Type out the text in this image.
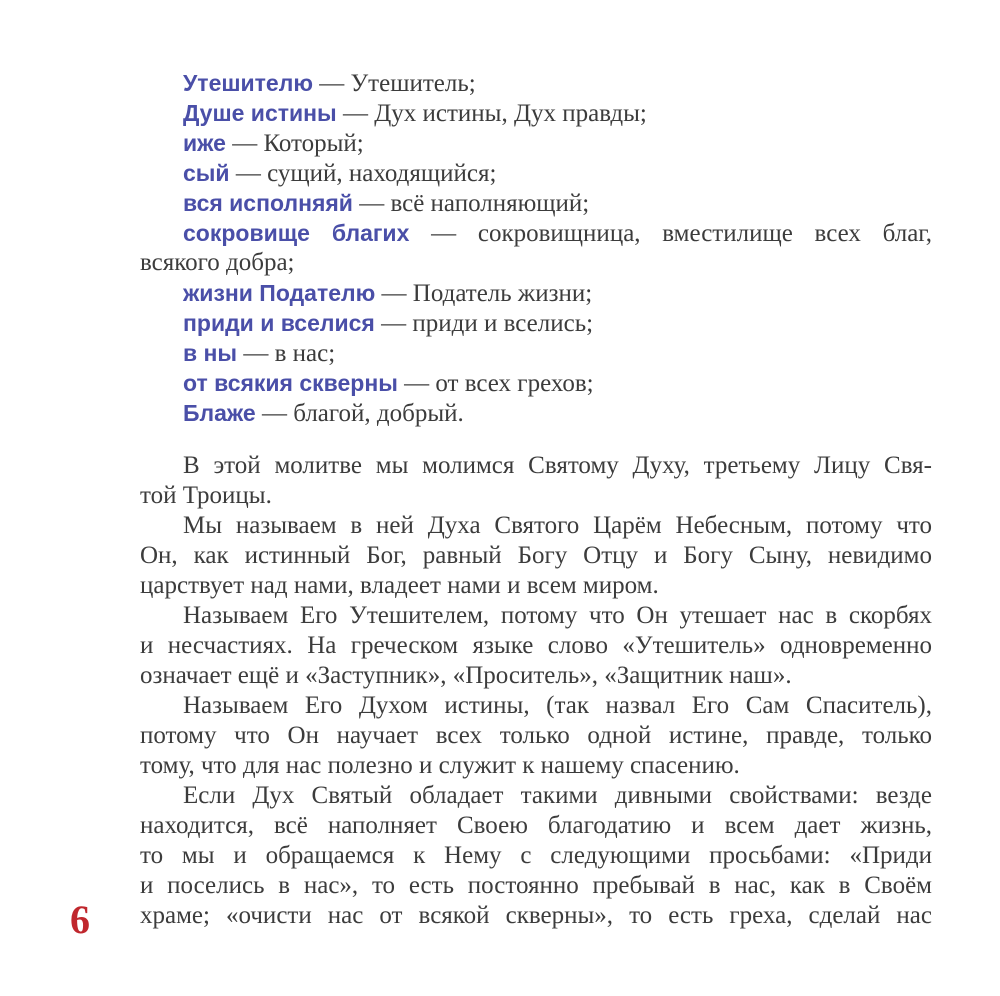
Утешителю — Утешитель;
Душе истины — Дух истины, Дух правды;
иже — Который;
сый — сущий, находящийся;
вся исполняяй — всё наполняющий;
сокровище благих — сокровищница, вместилище всех благ,
всякого добра;
жизни Подателю — Податель жизни;
приди и вселися — приди и вселись;
в ны — в нас;
от всякия скверны — от всех грехов;
Блаже — благой, добрый.
В этой молитве мы молимся Святому Духу, третьему Лицу Свя-
той Троицы.
Мы называем в ней Духа Святого Царём Небесным, потому что
Он, как истинный Бог, равный Богу Отцу и Богу Сыну, невидимо
царствует над нами, владеет нами и всем миром.
Называем Его Утешителем, потому что Он утешает нас в скорбях
и несчастиях. На греческом языке слово «Утешитель» одновременно
означает ещё и «Заступник», «Проситель», «Защитник наш».
Называем Его Духом истины, (так назвал Его Сам Спаситель),
потому что Он научает всех только одной истине, правде, только
тому, что для нас полезно и служит к нашему спасению.
Если Дух Святый обладает такими дивными свойствами: везде
находится, всё наполняет Своею благодатию и всем дает жизнь,
то мы и обращаемся к Нему с следующими просьбами: «Приди
и поселись в нас», то есть постоянно пребывай в нас, как в Своём
храме; «очисти нас от всякой скверны», то есть греха, сделай нас
6
